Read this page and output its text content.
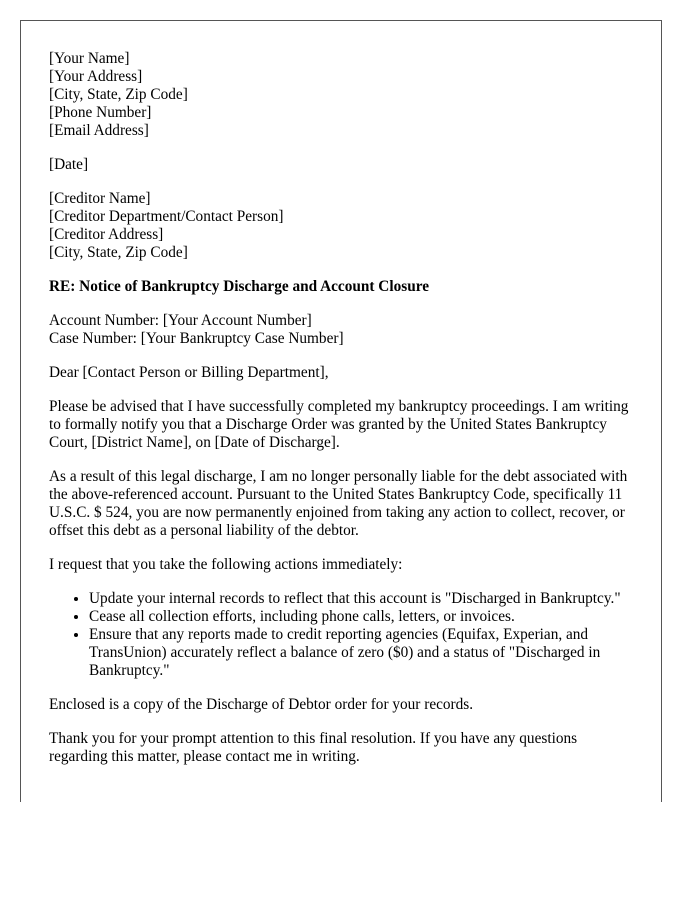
[Your Name]
[Your Address]
[City, State, Zip Code]
[Phone Number]
[Email Address]

[Date]

[Creditor Name]
[Creditor Department/Contact Person]
[Creditor Address]
[City, State, Zip Code]

RE: Notice of Bankruptcy Discharge and Account Closure

Account Number: [Your Account Number]
Case Number: [Your Bankruptcy Case Number]

Dear [Contact Person or Billing Department],

Please be advised that I have successfully completed my bankruptcy proceedings. I am writing to formally notify you that a Discharge Order was granted by the United States Bankruptcy Court, [District Name], on [Date of Discharge].

As a result of this legal discharge, I am no longer personally liable for the debt associated with the above-referenced account. Pursuant to the United States Bankruptcy Code, specifically 11 U.S.C. $ 524, you are now permanently enjoined from taking any action to collect, recover, or offset this debt as a personal liability of the debtor.

I request that you take the following actions immediately:

• Update your internal records to reflect that this account is "Discharged in Bankruptcy."
• Cease all collection efforts, including phone calls, letters, or invoices.
• Ensure that any reports made to credit reporting agencies (Equifax, Experian, and TransUnion) accurately reflect a balance of zero ($0) and a status of "Discharged in Bankruptcy."

Enclosed is a copy of the Discharge of Debtor order for your records.

Thank you for your prompt attention to this final resolution. If you have any questions regarding this matter, please contact me in writing.
